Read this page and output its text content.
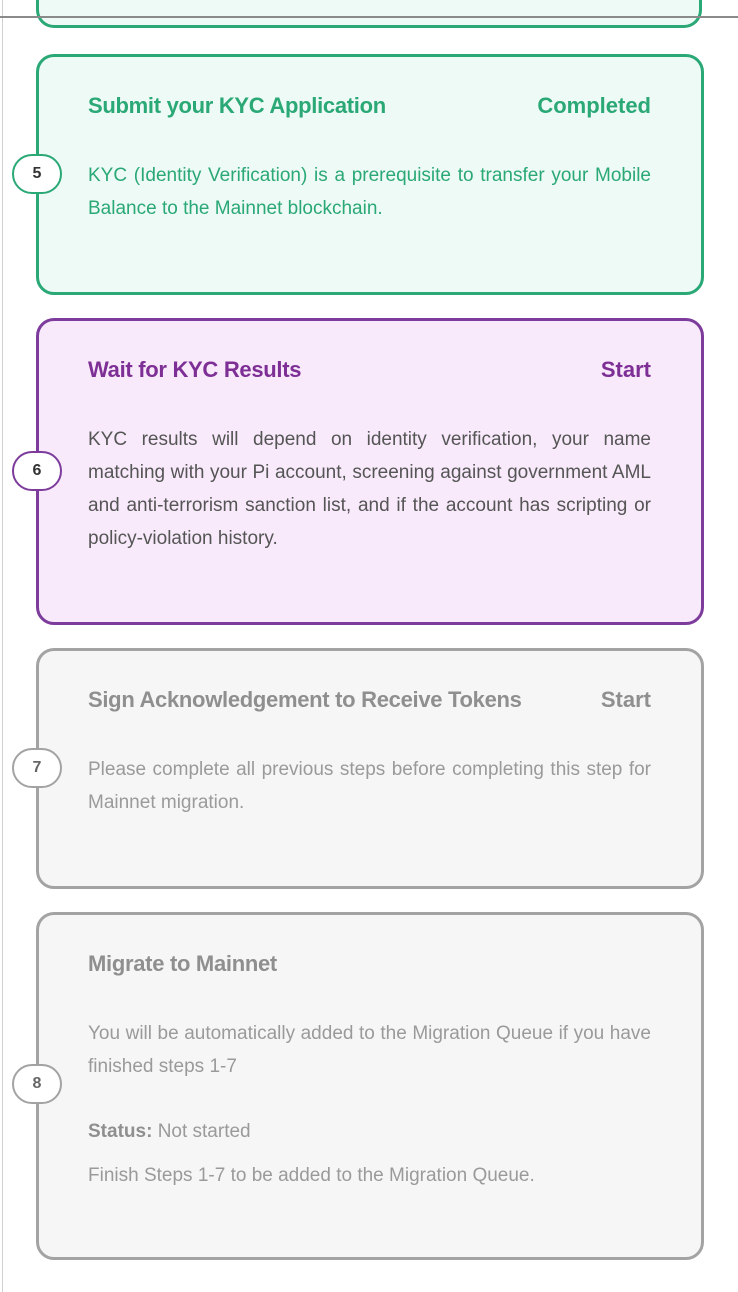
Submit your KYC Application	Completed
KYC (Identity Verification) is a prerequisite to transfer your Mobile Balance to the Mainnet blockchain.
5
Wait for KYC Results	Start
KYC results will depend on identity verification, your name matching with your Pi account, screening against government AML and anti-terrorism sanction list, and if the account has scripting or policy-violation history.
6
Sign Acknowledgement to Receive Tokens	Start
Please complete all previous steps before completing this step for Mainnet migration.
7
Migrate to Mainnet
You will be automatically added to the Migration Queue if you have finished steps 1-7
Status: Not started
Finish Steps 1-7 to be added to the Migration Queue.
8
